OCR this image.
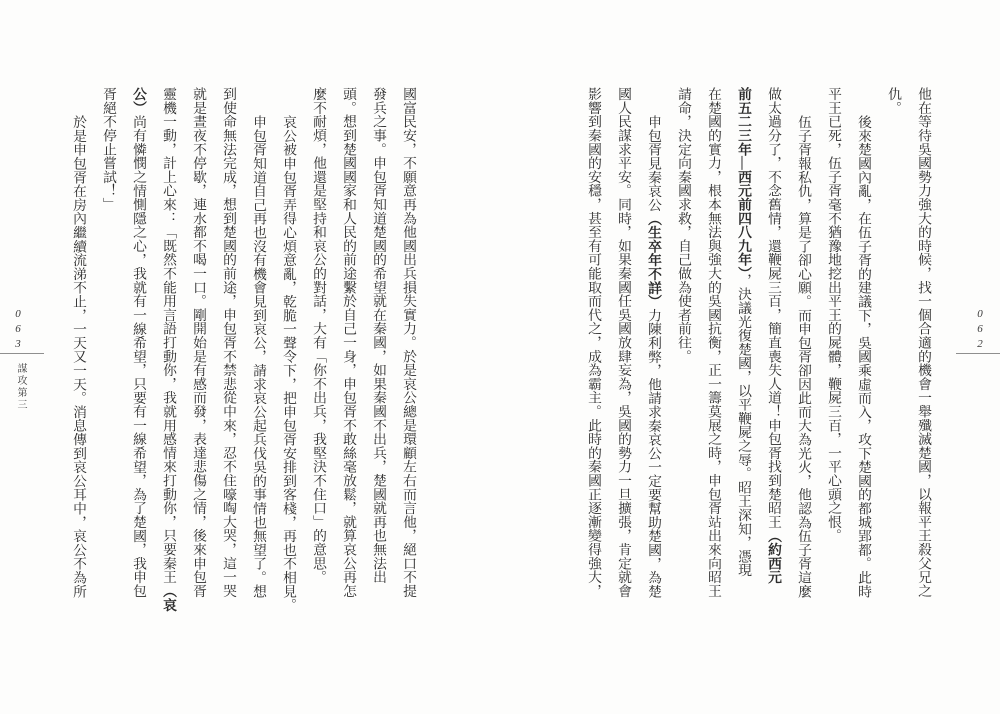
062
063
謀攻第三	他在等待吳國勢力強大的時候，找一個合適的機會一舉殲滅楚國，以報平王殺父兄之
仇。
後來楚國內亂，在伍子胥的建議下，吳國乘虛而入，攻下楚國的都城郢都。此時
平王已死，伍子胥毫不猶豫地挖出平王的屍體，鞭屍三百，一平心頭之恨。
伍子胥報私仇，算是了卻心願。而申包胥卻因此而大為光火，他認為伍子胥這麼
做太過分了，不念舊情，還鞭屍三百，簡直喪失人道！申包胥找到楚昭王（約西元
前五二三年—西元前四八九年），決議光復楚國，以平鞭屍之辱。昭王深知，憑現
在楚國的實力，根本無法與強大的吳國抗衡，正一籌莫展之時，申包胥站出來向昭王
請命，決定向秦國求救，自己做為使者前往。
申包胥見秦哀公（生卒年不詳）力陳利弊，他請求秦哀公一定要幫助楚國，為楚
國人民謀求平安。同時，如果秦國任吳國放肆妄為，吳國的勢力一旦擴張，肯定就會
影響到秦國的安穩，甚至有可能取而代之，成為霸主。此時的秦國正逐漸變得強大，
國富民安，不願意再為他國出兵損失實力。於是哀公總是環顧左右而言他，絕口不提
發兵之事。申包胥知道楚國的希望就在秦國，如果秦國不出兵，楚國就再也無法出
頭。想到楚國國家和人民的前途繫於自己一身，申包胥不敢絲毫放鬆，就算哀公再怎
麼不耐煩，他還是堅持和哀公的對話，大有「你不出兵，我堅決不住口」的意思。
哀公被申包胥弄得心煩意亂，乾脆一聲令下，把申包胥安排到客棧，再也不相見。
申包胥知道自己再也沒有機會見到哀公，請求哀公起兵伐吳的事情也無望了。想
到使命無法完成，想到楚國的前途，申包胥不禁悲從中來，忍不住嚎啕大哭，這一哭
就是晝夜不停歇，連水都不喝一口。剛開始是有感而發，表達悲傷之情，後來申包胥
靈機一動，計上心來：「既然不能用言語打動你，我就用感情來打動你，只要秦王（哀
公）尚有憐憫之情惻隱之心，我就有一線希望，只要有一線希望，為了楚國，我申包
胥絕不停止嘗試！」
於是申包胥在房內繼續流涕不止，一天又一天。消息傳到哀公耳中，哀公不為所
